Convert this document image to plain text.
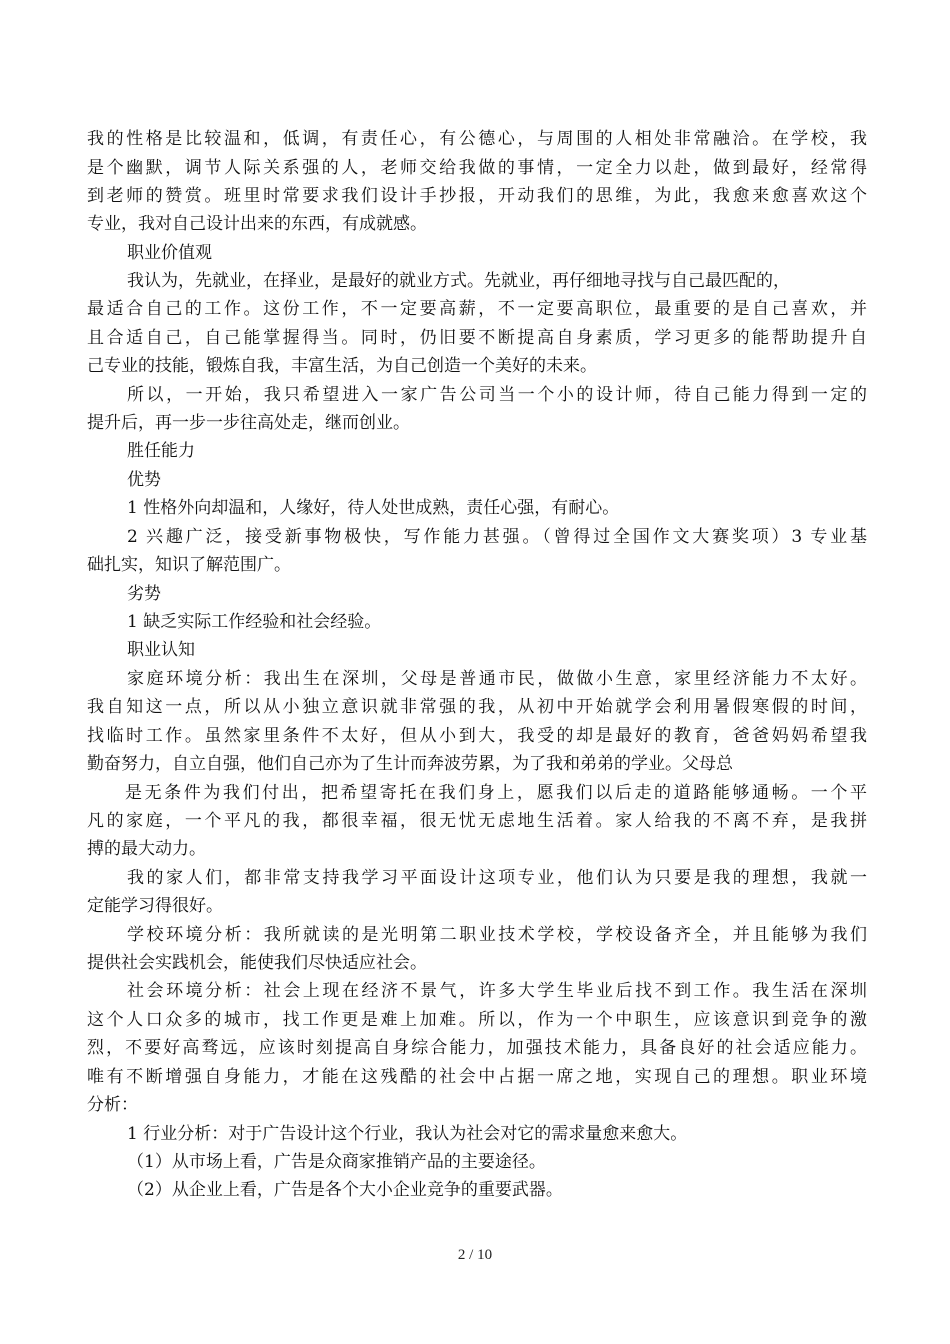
我的性格是比较温和，低调，有责任心，有公德心，与周围的人相处非常融洽。在学校，我
是个幽默，调节人际关系强的人，老师交给我做的事情，一定全力以赴，做到最好，经常得
到老师的赞赏。班里时常要求我们设计手抄报，开动我们的思维，为此，我愈来愈喜欢这个
专业，我对自己设计出来的东西，有成就感。
职业价值观
我认为，先就业，在择业，是最好的就业方式。先就业，再仔细地寻找与自己最匹配的，
最适合自己的工作。这份工作，不一定要高薪，不一定要高职位，最重要的是自己喜欢，并
且合适自己，自己能掌握得当。同时，仍旧要不断提高自身素质，学习更多的能帮助提升自
己专业的技能，锻炼自我，丰富生活，为自己创造一个美好的未来。
所以，一开始，我只希望进入一家广告公司当一个小的设计师，待自己能力得到一定的
提升后，再一步一步往高处走，继而创业。
胜任能力
优势
1 性格外向却温和，人缘好，待人处世成熟，责任心强，有耐心。
2 兴趣广泛，接受新事物极快，写作能力甚强。（曾得过全国作文大赛奖项）3 专业基
础扎实，知识了解范围广。
劣势
1 缺乏实际工作经验和社会经验。
职业认知
家庭环境分析：我出生在深圳，父母是普通市民，做做小生意，家里经济能力不太好。
我自知这一点，所以从小独立意识就非常强的我，从初中开始就学会利用暑假寒假的时间，
找临时工作。虽然家里条件不太好，但从小到大，我受的却是最好的教育，爸爸妈妈希望我
勤奋努力，自立自强，他们自己亦为了生计而奔波劳累，为了我和弟弟的学业。父母总
是无条件为我们付出，把希望寄托在我们身上，愿我们以后走的道路能够通畅。一个平
凡的家庭，一个平凡的我，都很幸福，很无忧无虑地生活着。家人给我的不离不弃，是我拼
搏的最大动力。
我的家人们，都非常支持我学习平面设计这项专业，他们认为只要是我的理想，我就一
定能学习得很好。
学校环境分析：我所就读的是光明第二职业技术学校，学校设备齐全，并且能够为我们
提供社会实践机会，能使我们尽快适应社会。
社会环境分析：社会上现在经济不景气，许多大学生毕业后找不到工作。我生活在深圳
这个人口众多的城市，找工作更是难上加难。所以，作为一个中职生，应该意识到竞争的激
烈，不要好高骛远，应该时刻提高自身综合能力，加强技术能力，具备良好的社会适应能力。
唯有不断增强自身能力，才能在这残酷的社会中占据一席之地，实现自己的理想。职业环境
分析：
1 行业分析：对于广告设计这个行业，我认为社会对它的需求量愈来愈大。
（1）从市场上看，广告是众商家推销产品的主要途径。
（2）从企业上看，广告是各个大小企业竞争的重要武器。
2 / 10
